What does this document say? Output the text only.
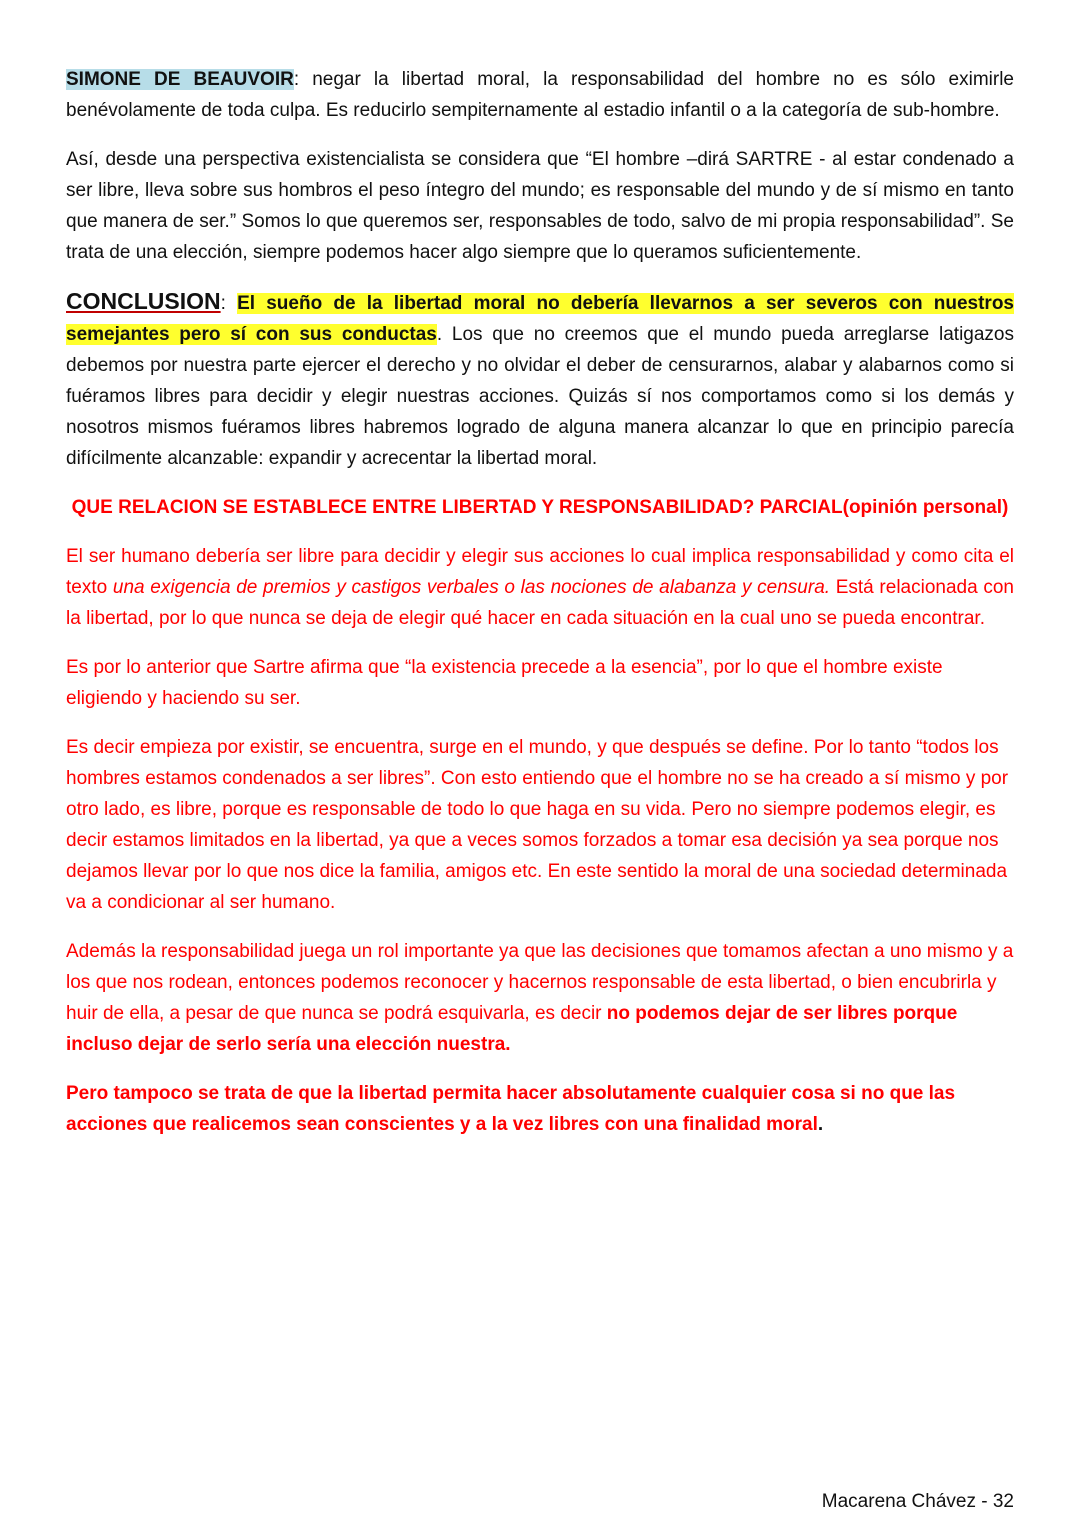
SIMONE DE BEAUVOIR: negar la libertad moral, la responsabilidad del hombre no es sólo eximirle benévolamente de toda culpa. Es reducirlo sempiternamente al estadio infantil o a la categoría de sub-hombre.

Así, desde una perspectiva existencialista se considera que “El hombre –dirá SARTRE - al estar condenado a ser libre, lleva sobre sus hombros el peso íntegro del mundo; es responsable del mundo y de sí mismo en tanto que manera de ser.” Somos lo que queremos ser, responsables de todo, salvo de mi propia responsabilidad”. Se trata de una elección, siempre podemos hacer algo siempre que lo queramos suficientemente.

CONCLUSION: El sueño de la libertad moral no debería llevarnos a ser severos con nuestros semejantes pero sí con sus conductas. Los que no creemos que el mundo pueda arreglarse latigazos debemos por nuestra parte ejercer el derecho y no olvidar el deber de censurarnos, alabar y alabarnos como si fuéramos libres para decidir y elegir nuestras acciones. Quizás sí nos comportamos como si los demás y nosotros mismos fuéramos libres habremos logrado de alguna manera alcanzar lo que en principio parecía difícilmente alcanzable: expandir y acrecentar la libertad moral.

QUE RELACION SE ESTABLECE ENTRE LIBERTAD Y RESPONSABILIDAD? PARCIAL(opinión personal)

El ser humano debería ser libre para decidir y elegir sus acciones lo cual implica responsabilidad y como cita el texto una exigencia de premios y castigos verbales o las nociones de alabanza y censura. Está relacionada con la libertad, por lo que nunca se deja de elegir qué hacer en cada situación en la cual uno se pueda encontrar.

Es por lo anterior que Sartre afirma que “la existencia precede a la esencia”, por lo que el hombre existe eligiendo y haciendo su ser.

Es decir empieza por existir, se encuentra, surge en el mundo, y que después se define. Por lo tanto “todos los hombres estamos condenados a ser libres”. Con esto entiendo que el hombre no se ha creado a sí mismo y por otro lado, es libre, porque es responsable de todo lo que haga en su vida. Pero no siempre podemos elegir, es decir estamos limitados en la libertad, ya que a veces somos forzados a tomar esa decisión ya sea porque nos dejamos llevar por lo que nos dice la familia, amigos etc. En este sentido la moral de una sociedad determinada va a condicionar al ser humano.

Además la responsabilidad juega un rol importante ya que las decisiones que tomamos afectan a uno mismo y a los que nos rodean, entonces podemos reconocer y hacernos responsable de esta libertad, o bien encubrirla y huir de ella, a pesar de que nunca se podrá esquivarla, es decir no podemos dejar de ser libres porque incluso dejar de serlo sería una elección nuestra.

Pero tampoco se trata de que la libertad permita hacer absolutamente cualquier cosa si no que las acciones que realicemos sean conscientes y a la vez libres con una finalidad moral.

Macarena Chávez - 32
